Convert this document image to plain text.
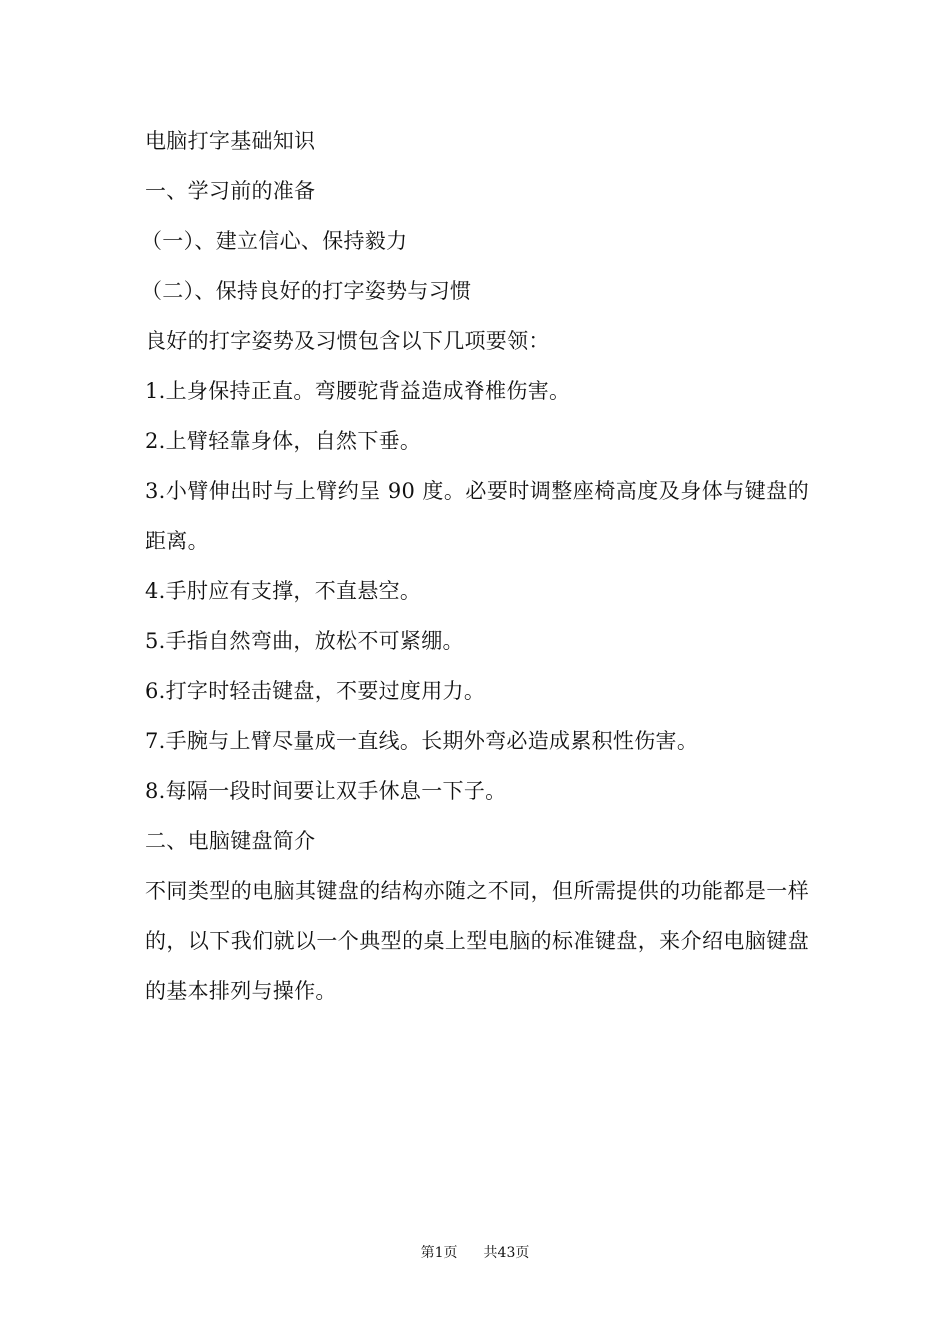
电脑打字基础知识
一、学习前的准备
（一）、建立信心、保持毅力
（二）、保持良好的打字姿势与习惯
良好的打字姿势及习惯包含以下几项要领：
1.上身保持正直。弯腰驼背益造成脊椎伤害。
2.上臂轻靠身体，自然下垂。
3.小臂伸出时与上臂约呈 90 度。必要时调整座椅高度及身体与键盘的距离。
4.手肘应有支撑，不直悬空。
5.手指自然弯曲，放松不可紧绷。
6.打字时轻击键盘，不要过度用力。
7.手腕与上臂尽量成一直线。长期外弯必造成累积性伤害。
8.每隔一段时间要让双手休息一下子。
二、电脑键盘简介
不同类型的电脑其键盘的结构亦随之不同，但所需提供的功能都是一样的，以下我们就以一个典型的桌上型电脑的标准键盘，来介绍电脑键盘的基本排列与操作。
第1页 共43页
